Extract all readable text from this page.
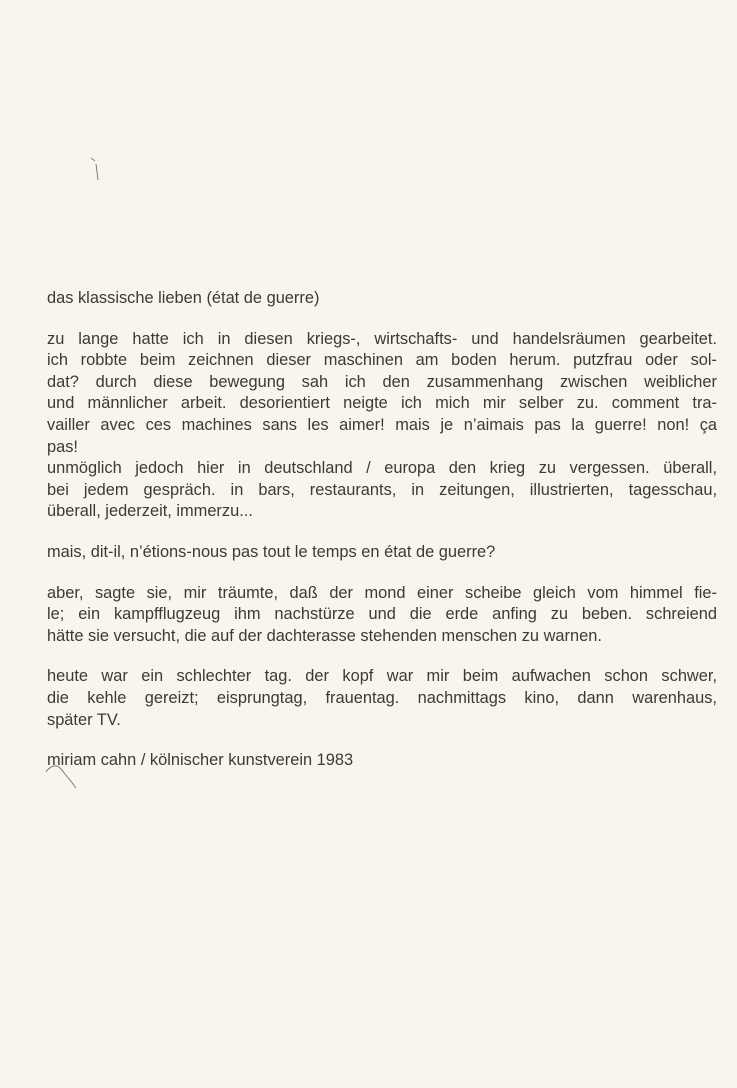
das klassische lieben (état de guerre)
zu lange hatte ich in diesen kriegs-, wirtschafts- und handelsräumen gearbeitet.
ich robbte beim zeichnen dieser maschinen am boden herum. putzfrau oder sol-
dat? durch diese bewegung sah ich den zusammenhang zwischen weiblicher
und männlicher arbeit. desorientiert neigte ich mich mir selber zu. comment tra-
vailler avec ces machines sans les aimer! mais je n’aimais pas la guerre! non! ça
pas!
unmöglich jedoch hier in deutschland / europa den krieg zu vergessen. überall,
bei jedem gespräch. in bars, restaurants, in zeitungen, illustrierten, tagesschau,
überall, jederzeit, immerzu...
mais, dit-il, n’étions-nous pas tout le temps en état de guerre?
aber, sagte sie, mir träumte, daß der mond einer scheibe gleich vom himmel fie-
le; ein kampfflugzeug ihm nachstürze und die erde anfing zu beben. schreiend
hätte sie versucht, die auf der dachterasse stehenden menschen zu warnen.
heute war ein schlechter tag. der kopf war mir beim aufwachen schon schwer,
die kehle gereizt; eisprungtag, frauentag. nachmittags kino, dann warenhaus,
später TV.
miriam cahn / kölnischer kunstverein 1983
